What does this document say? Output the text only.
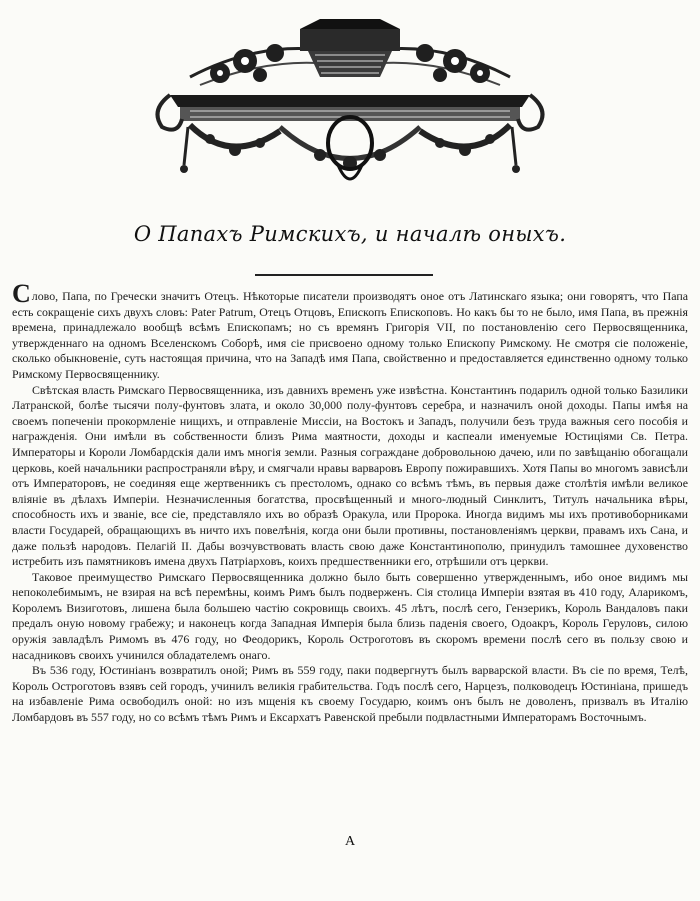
О Папахъ Римскихъ, и началѣ оныхъ.

Слово, Папа, по Гречески значитъ Отецъ. Нѣкоторые писатели производятъ оное отъ Латинскаго языка; они говорятъ, что Папа есть сокращеніе сихъ двухъ словъ: Pater Patrum, Отецъ Отцовъ, Епископъ Епископовъ. Но какъ бы то не было, имя Папа, въ прежнія времена, принадлежало вообщѣ всѣмъ Епископамъ; но съ времянъ Григорія VII, по постановленію сего Первосвященника, утвержденнаго на одномъ Вселенскомъ Соборѣ, имя сіе присвоено одному только Епископу Римскому. Не смотря сіе положеніе, сколько обыкновеніе, суть настоящая причина, что на Западѣ имя Папа, свойственно и предоставляется единственно одному только Римскому Первосвященнику.

Свѣтская власть Римскаго Первосвященника, изъ давнихъ временъ уже извѣстна. Константинъ подарилъ одной только Базилики Латранской, болѣе тысячи полу-фунтовъ злата, и около 30,000 полу-фунтовъ серебра, и назначилъ оной доходы. Папы имѣя на своемъ попеченіи прокормленіе нищихъ, и отправленіе Миссіи, на Востокъ и Западъ, получили безъ труда важныя сего пособія и награжденія. Они имѣли въ собственности близъ Рима маятности, доходы и каспеали именуемые Юстиціями Св. Петра. Императоры и Короли Ломбардскія дали имъ многія земли. Разныя сограждане добровольною дачею, или по завѣщанію обогащали церковь, коей начальники распространяли вѣру, и смягчали нравы варваровъ Европу пожиравшихъ. Хотя Папы во многомъ зависѣли отъ Императоровъ, не соединяя еще жертвенникъ съ престоломъ, однако со всѣмъ тѣмъ, въ первыя даже столѣтія имѣли великое вліяніе въ дѣлахъ Имперіи. Незначисленныя богатства, просвѣщенный и много-людный Синклитъ, Титулъ начальника вѣры, способность ихъ и званіе, все сіе, представляло ихъ во образѣ Оракула, или Пророка. Иногда видимъ мы ихъ противоборниками власти Государей, обращающихъ въ ничто ихъ повелѣнія, когда они были противны, постановленіямъ церкви, правамъ ихъ Сана, и даже пользѣ народовъ. Пелагій II. Дабы возчувствовать власть свою даже Константинополю, принудилъ тамошнее духовенство истребить изъ памятниковъ имена двухъ Патріарховъ, коихъ предшественники его, отрѣшили отъ церкви.

Таковое преимущество Римскаго Первосвященника должно было быть совершенно утвержденнымъ, ибо оное видимъ мы непоколебимымъ, не взирая на всѣ перемѣны, коимъ Римъ былъ подверженъ. Сія столица Имперіи взятая въ 410 году, Аларикомъ, Королемъ Визиготовъ, лишена была большею частію сокровищь своихъ. 45 лѣтъ, послѣ сего, Гензерикъ, Король Вандаловъ паки предалъ оную новому грабежу; и наконецъ когда Западная Имперія была близь паденія своего, Одоакръ, Король Геруловъ, силою оружія завладѣлъ Римомъ въ 476 году, но Феодорикъ, Король Остроготовъ въ скоромъ времени послѣ сего въ пользу свою и насадниковъ своихъ учинился обладателемъ онаго.

Въ 536 году, Юстиніанъ возвратилъ оной; Римъ въ 559 году, паки подвергнутъ былъ варварской власти. Въ сіе по время, Телѣ, Король Остроготовъ взявъ сей городъ, учинилъ великія грабительства. Годъ послѣ сего, Нарцезъ, полководецъ Юстиніана, пришедъ на избавленіе Рима освободилъ оной: но изъ мщенія къ своему Государю, коимъ онъ былъ не доволенъ, призвалъ въ Италію Ломбардовъ въ 557 году, но со всѣмъ тѣмъ Римъ и Ексархатъ Равенской пребыли подвластными Императорамъ Восточнымъ.

A
